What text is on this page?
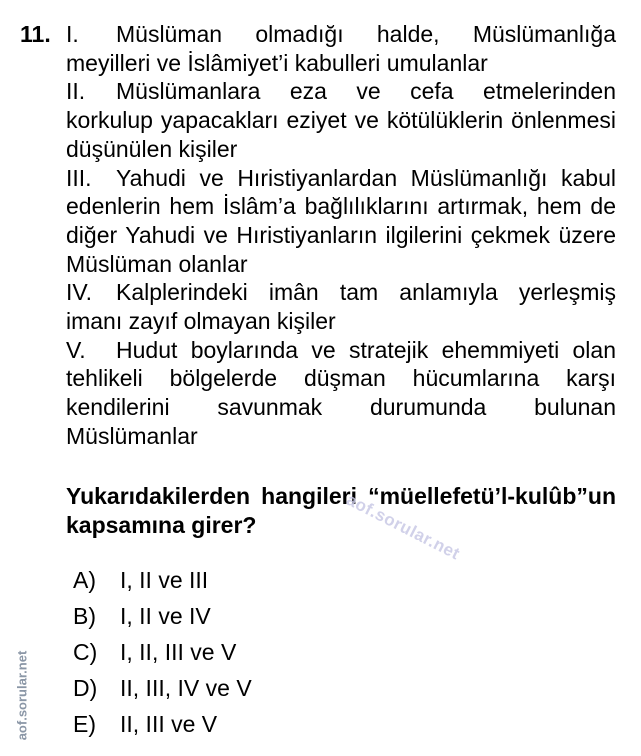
11. I. Müslüman olmadığı halde, Müslümanlığa meyilleri ve İslâmiyet’i kabulleri umulanlar
II. Müslümanlara eza ve cefa etmelerinden korkulup yapacakları eziyet ve kötülüklerin önlenmesi düşünülen kişiler
III. Yahudi ve Hıristiyanlardan Müslümanlığı kabul edenlerin hem İslâm’a bağlılıklarını artırmak, hem de diğer Yahudi ve Hıristiyanların ilgilerini çekmek üzere Müslüman olanlar
IV. Kalplerindeki imân tam anlamıyla yerleşmiş imanı zayıf olmayan kişiler
V. Hudut boylarında ve stratejik ehemmiyeti olan tehlikeli bölgelerde düşman hücumlarına karşı kendilerini savunmak durumunda bulunan Müslümanlar
Yukarıdakilerden hangileri “müellefetü’l-kulûb”un kapsamına girer?
A) I, II ve III
B) I, II ve IV
C) I, II, III ve V
D) II, III, IV ve V
E) II, III ve V
aof.sorular.net
aof.sorular.net
